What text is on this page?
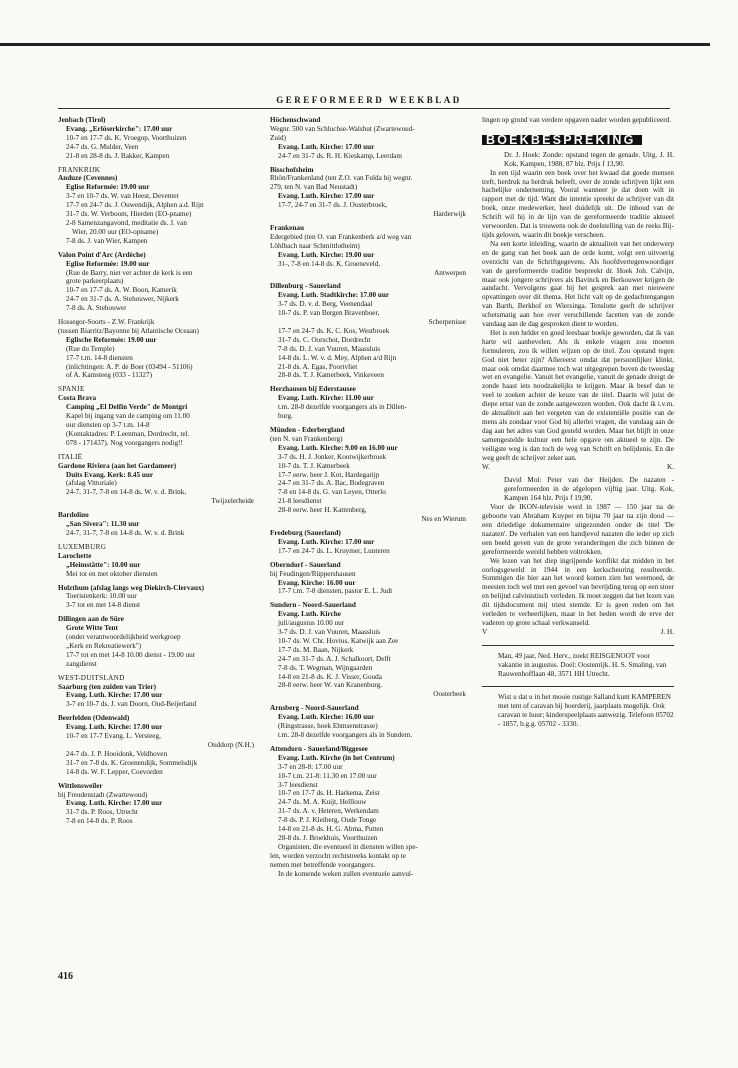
GEREFORMEERD WEEKBLAD
Jenbach (Tirol)
Evang. „Erlöserkirche": 17.00 uur
10-7 en 17-7 ds. K. Vroegop, Voorthuizen
24-7 ds. G. Mulder, Veen
21-8 en 28-8 ds. J. Bakker, Kampen
FRANKRIJK
Anduze (Cevennes)
Eglise Reformée: 19.00 uur
3-7 en 10-7 ds. W. van Heest, Deventer
17-7 en 24-7 ds. J. Ouwendijk, Alphen a.d. Rijn
31-7 ds. W. Verboom, Hierden (EO-pname)
2-8 Samenzangavond, meditatie ds. J. van
Wier, 20.00 uur (EO-opname)
7-8 ds. J. van Wier, Kampen
Valon Point d'Arc (Ardèche)
Eglise Reformée: 19.00 uur
(Rue de Barry, niet ver achter de kerk is een
grote parkeerplaats)
10-7 en 17-7 ds. A. W. Boon, Kamerik
24-7 en 31-7 ds. A. Stehouwer, Nijkerk
7-8 ds. A. Stehouwer
Hossegor-Soorts - Z.W. Frankrijk
(tussen Biarritz/Bayonne bij Atlantische Oceaan)
Eglische Reformée: 19.00 uur
(Rue du Temple)
17-7 t.m. 14-8 diensten
(inlichtingen: A. P. de Boer (03494 - 51106)
of A. Kamsteeg (033 - 11327)
SPANJE
Costa Brava
Camping „El Delfin Verde" de Montgri
Kapel bij ingang van de camping om 11.00
uur diensten op 3-7 t.m. 14-8
(Kontaktadres: P. Leenman, Dordrecht, tel.
078 - 171437). Nog voorgangers nodig!!
ITALIË
Gardone Riviera (aan het Gardameer)
Duits Evang. Kerk: 8.45 uur
(afslag Vittoriale)
24-7, 31-7, 7-8 en 14-8 ds. W. v. d. Brink,
Twijzelerheide
Bardolino
„San Sivera": 11.30 uur
24-7, 31-7, 7-8 en 14-8 ds. W. v. d. Brink
LUXEMBURG
Larochette
„Heimstätte": 10.00 uur
Mei tot en met oktober diensten
Holzthum (afslag langs weg Diekirch-Clervaux)
Toeristenkerk: 10.00 uur
3-7 tot en met 14-8 dienst
Dillingen aan de Süre
Grote Witte Tent
(onder verantwoordelijkheid werkgroep
„Kerk en Rekreatiewerk")
17-7 tot en met 14-8 10.00 dienst - 19.00 uur
zangdienst
WEST-DUITSLAND
Saarburg (ten zuiden van Trier)
Evang. Luth. Kirche: 17.00 uur
3-7 en 10-7 ds. J. van Doorn, Oud-Beijerland
Beerfelden (Odenwald)
Evang. Luth. Kirche: 17.00 uur
10-7 en 17-7 Evang. L. Versteeg,
Ouddorp (N.H.)
24-7 ds. J. P. Hooidonk, Veldhoven
31-7 en 7-8 ds. K. Groenendijk, Sommelsdijk
14-8 ds. W. F. Lepper, Coevorden
Wittlensweiler
bij Freudenstadt (Zwartewoud)
Evang. Luth. Kirche: 17.00 uur
31-7 ds. P. Roos, Utrecht
7-8 en 14-8 ds. P. Roos
Höchenschwand
Wegnr. 500 van Schluchse-Walshut (Zwartewoud-
Zuid)
Evang. Luth. Kirche: 17.00 uur
24-7 en 31-7 ds. R. H. Kieskamp, Leerdam
Bisschofsheim
Rhön/Frankenland (ten Z.O. van Fulda bij wegnr.
279, ten N. van Bad Neustadt)
Evang. Luth. Kirche: 17.00 uur
17-7, 24-7 en 31-7 ds. J. Oosterbroek,
Harderwijk
Frankenau
Edergebied (ten O. van Frankenberk a/d weg van
Löhlbach naar Schmittlotheim)
Evang. Luth. Kirche: 19.00 uur
31-, 7-8 en 14-8 ds. K. Groeneveld,
Antwerpen
Dillenburg - Sauerland
Evang. Luth. Stadtkirche: 17.00 uur
3-7 ds. D. v. d. Berg, Veenendaal
10-7 ds. P. van Bergen Bravenboer,
Scherpenisse
17-7 en 24-7 ds. K. C. Kos, Westbroek
31-7 ds. C. Oorschot, Dordrecht
7-8 ds. D. J. van Vuuren, Maassluis
14-8 ds. L. W. v. d. Mey, Alphen a/d Rijn
21-8 ds. A. Egas, Poortvliet
28-8 ds. T. J. Kamerbeek, Vinkeveen
Herzhausen bij Ederstausee
Evang. Luth. Kirche: 11.00 uur
t.m. 28-8 dezelfde voorgangers als in Dillen-
burg.
Münden - Ederbergland
(ten N. van Frankenberg)
Evang. Luth. Kirche: 9.00 en 16.00 uur
3-7 ds. H. J. Jonker, Kootwijkerbroek
10-7 ds. T. J. Kamerbeek
17-7 eerw. heer J. Kot, Hardegarijp
24-7 en 31-7 ds. A. Bac, Bodegraven
7-8 en 14-8 ds. G. van Leyen, Otterlo
21-8 leesdienst
28-8 eerw. heer H. Kattenberg,
Nes en Wierum
Fredeburg (Sauerland)
Evang. Luth. Kirche: 17.00 uur
17-7 en 24-7 ds. L. Kruymer, Lunteren
Oberndorf - Sauerland
bij Feudingen/Rüppershausen
Evang. Kirche: 16.00 uur
17-7 t.m. 7-8 diensten, pastor E. L. Judt
Sundern - Noord-Sauerland
Evang. Luth. Kirche
juli/augustus 10.00 uur
3-7 ds. D. J. van Vuuren, Maassluis
10-7 ds. W. Chr. Hovius, Katwijk aan Zee
17-7 ds. M. Baan, Nijkerk
24-7 en 31-7 ds. A. J. Schalkoort, Delft
7-8 ds. T. Wegman, Wijngaarden
14-8 en 21-8 ds. K. J. Visser, Gouda
28-8 eerw. heer W. van Kranenburg,
Oosterbeek
Arnsberg - Noord-Sauerland
Evang. Luth. Kirche: 16.00 uur
(Ringstrasse, hoek Ehmsenstrasse)
t.m. 28-8 dezelfde voorgangers als in Sundern.
Attendorn - Sauerland/Biggesee
Evang. Luth. Kirche (in het Centrum)
3-7 en 28-8: 17.00 uur
10-7 t.m. 21-8: 11.30 en 17.00 uur
3-7 leesdienst
10-7 en 17-7 ds. H. Harkema, Zeist
24-7 ds. M. A. Kuijt, Helllouw
31-7 ds. A. v. Heteren, Werkendam
7-8 ds. P. J. Kleiberg, Oude Tonge
14-8 en 21-8 ds. H. G. Abma, Putten
28-8 ds. J. Broekhuis, Voorthuizen
Organisten, die eventueel in diensten willen spe-
len, worden verzocht rechtstreeks kontakt op te
nemen met betreffende voorgangers.
In de komende weken zullen eventuele aanvul-
lingen op grond van verdere opgaven nader worden gepubliceerd.
BOEKBESPREKING
Dr. J. Hoek: Zonde: opstand tegen de genade. Uitg. J. H. Kok, Kampen, 1988, 87 blz. Prijs f 13,90.

In een tijd waarin een boek over het kwaad dat goede mensen treft, herdruk na herdruk beleeft, over de zonde schrijven lijkt een hachelijke onderneming. Vooral wanneer je dat doen wilt in rapport met de tijd. Want die intentie spreekt de schrijver van dit boek, onze medewerker, heel duidelijk uit. De inhoud van de Schrift wil hij in de lijn van de gereformeerde traditie aktueel verwoorden. Dat is trouwens ook de doelstelling van de reeks Bij-tijds geloven, waarin dit boekje verscheen.

Na een korte inleiding, waarin de aktualiteit van het onderwerp en de gang van het boek aan de orde komt, volgt een uitvoerig overzicht van de Schriftgegevens. Als hoofdvertegenwoordiger van de gereformeerde traditie bespreekt dr. Hoek Joh. Calvijn, maar ook jongere schrijvers als Bavinck en Berkouwer krijgen de aandacht. Vervolgens gaat hij het gesprek aan met nieuwere opvattingen over dit thema. Het licht valt op de gedachtengangen van Barth, Berkhof en Wiersinga. Tenslotte geeft de schrijver schetsmatig aan hoe over verschillende facetten van de zonde vandaag aan de dag gesproken dient te worden.

Het is een helder en goed leesbaar boekje geworden, dat ik van harte wil aanbevelen. Als ik enkele vragen zou moeten formuleren, zou ik willen wijzen op de titel. Zou opstand tegen God niet beter zijn? Allereerst omdat dat persoonlijker klinkt, maar ook omdat daarmee toch wat uitgegrepen boven de tweeslag wet en evangelie. Vanuit het evangelie, vanuit de genade dreigt de zonde haast iets noodzakelijks te krijgen. Maar ik besef dan te veel te zoeken achter de keuze van de titel. Daarin wil juist de diepe ernst van de zonde aangewezen worden. Ook dacht ik i.v.m. de aktualiteit aan het vergeten van de existentiële positie van de mens als zondaar voor God bij allerlei vragen, die vandaag aan de dag aan het adres van God gesteld worden. Maar het blijft in onze samengestelde kultuur een hele opgave om aktueel te zijn. De veiligste weg is dan toch de weg van Schrift en belijdenis. En die weg geeft de schrijver zeker aan.

W.	K.
David Mol: Peter van der Heijden. De nazaten - gereformeerden in de afgelopen vijftig jaar. Uitg. Kok, Kampen 164 blz. Prijs f 19,90.

Voor de IKON-televisie werd in 1987 — 150 jaar na de geboorte van Abraham Kuyper en bijna 70 jaar na zijn dood — een driedelige dokumentaire uitgezonden onder de titel 'De nazaten'. De verhalen van een handjevol nazaten die ieder op zich een beeld geven van de grote veranderingen die zich binnen de gereformeerde wereld hebben voltrokken.

We lezen van het diep ingrijpende konflikt dat midden in het oorlogsgeweld in 1944 in een kerkscheuring resulteerde. Sommigen die hier aan het woord komen zien het weemoed, de meesten toch wel met een gevoel van bevrijding terug op een stoer en belijnd calvinistisch verleden. Ik moet zeggen dat het lezen van dit tijdsdocument mij triest stemde. Er is geen reden om het verleden te verheerlijken, maar in het heden wordt de erve der vaderen op grote schaal verkwanseld.

V	J. H.
Man, 49 jaar, Ned. Herv., zoekt REISGENOOT voor vakantie in augustus. Doel: Oostenrijk. H. S. Smaling, van Rauwenhofflaan 48, 3571 HH Utrecht.
Wist u dat u in het mooie rustige Salland kunt KAMPEREN met tent of caravan bij boerderij, jaarplaats mogelijk. Ook caravan te huur; kinderspeelplaats aanwezig. Telefoon 05702 - 1857, b.g.g. 05702 - 3330.
416
